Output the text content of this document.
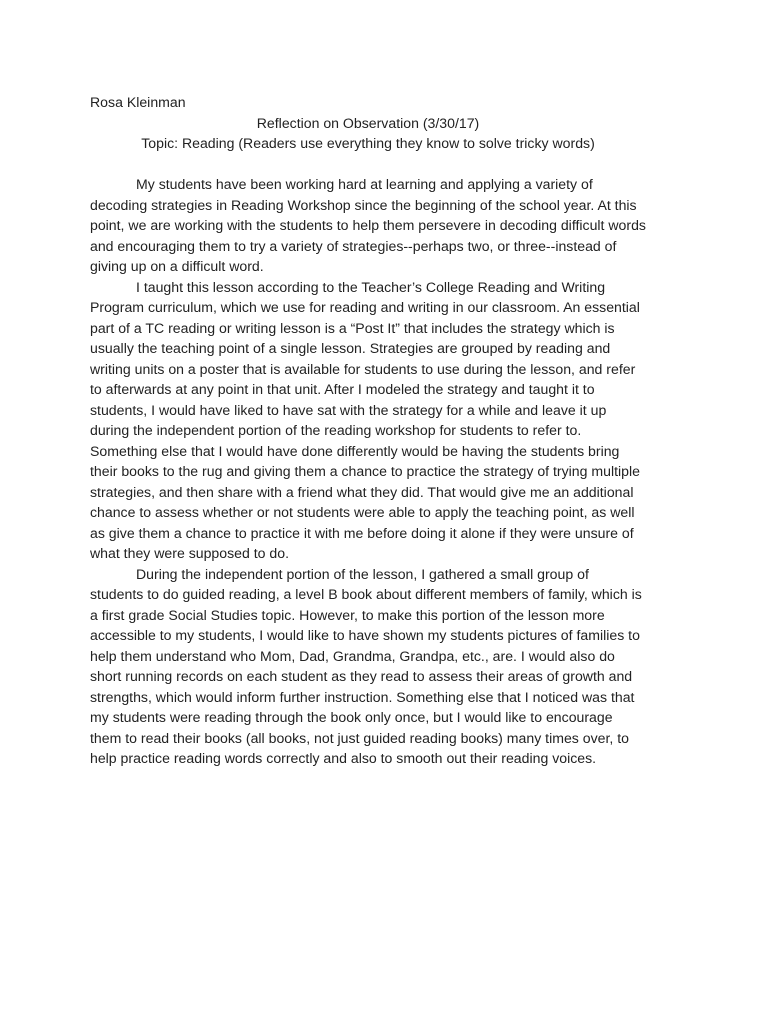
Rosa Kleinman

Reflection on Observation (3/30/17)

Topic: Reading (Readers use everything they know to solve tricky words)

My students have been working hard at learning and applying a variety of decoding strategies in Reading Workshop since the beginning of the school year. At this point, we are working with the students to help them persevere in decoding difficult words and encouraging them to try a variety of strategies--perhaps two, or three--instead of giving up on a difficult word.

I taught this lesson according to the Teacher’s College Reading and Writing Program curriculum, which we use for reading and writing in our classroom. An essential part of a TC reading or writing lesson is a “Post It” that includes the strategy which is usually the teaching point of a single lesson. Strategies are grouped by reading and writing units on a poster that is available for students to use during the lesson, and refer to afterwards at any point in that unit. After I modeled the strategy and taught it to students, I would have liked to have sat with the strategy for a while and leave it up during the independent portion of the reading workshop for students to refer to. Something else that I would have done differently would be having the students bring their books to the rug and giving them a chance to practice the strategy of trying multiple strategies, and then share with a friend what they did. That would give me an additional chance to assess whether or not students were able to apply the teaching point, as well as give them a chance to practice it with me before doing it alone if they were unsure of what they were supposed to do.

During the independent portion of the lesson, I gathered a small group of students to do guided reading, a level B book about different members of family, which is a first grade Social Studies topic. However, to make this portion of the lesson more accessible to my students, I would like to have shown my students pictures of families to help them understand who Mom, Dad, Grandma, Grandpa, etc., are. I would also do short running records on each student as they read to assess their areas of growth and strengths, which would inform further instruction. Something else that I noticed was that my students were reading through the book only once, but I would like to encourage them to read their books (all books, not just guided reading books) many times over, to help practice reading words correctly and also to smooth out their reading voices.
